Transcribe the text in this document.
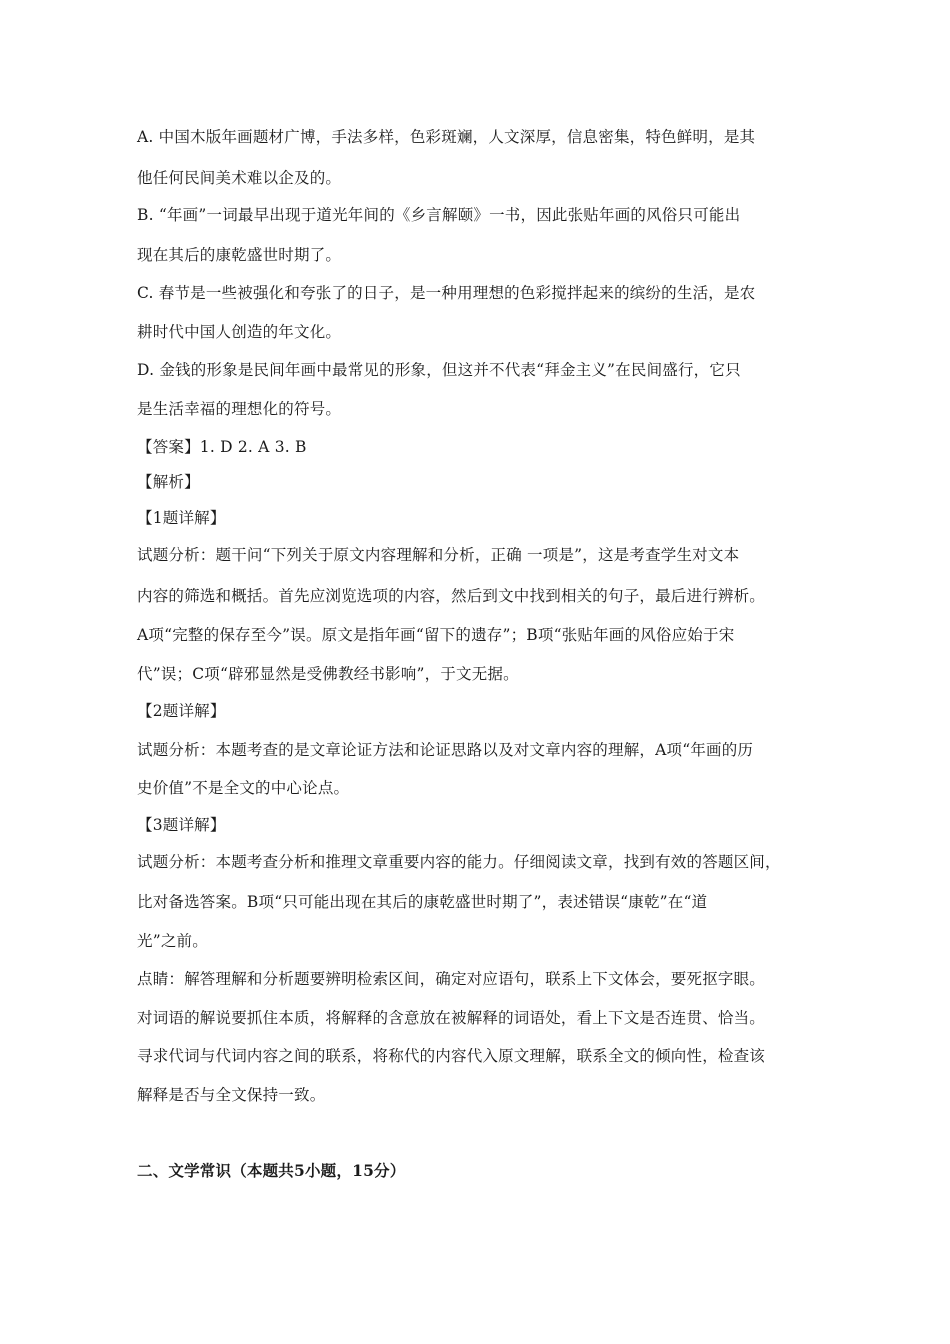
A. 中国木版年画题材广博，手法多样，色彩斑斓，人文深厚，信息密集，特色鲜明，是其
他任何民间美术难以企及的。
B. “年画”一词最早出现于道光年间的《乡言解颐》一书，因此张贴年画的风俗只可能出
现在其后的康乾盛世时期了。
C. 春节是一些被强化和夸张了的日子，是一种用理想的色彩搅拌起来的缤纷的生活，是农
耕时代中国人创造的年文化。
D. 金钱的形象是民间年画中最常见的形象，但这并不代表“拜金主义”在民间盛行，它只
是生活幸福的理想化的符号。
【答案】1. D 2. A 3. B
【解析】
【1题详解】
试题分析：题干问“下列关于原文内容理解和分析，正确 一项是”，这是考查学生对文本
内容的筛选和概括。首先应浏览选项的内容，然后到文中找到相关的句子，最后进行辨析。
A项“完整的保存至今”误。原文是指年画“留下的遗存”；B项“张贴年画的风俗应始于宋
代”误；C项“辟邪显然是受佛教经书影响”，于文无据。
【2题详解】
试题分析：本题考查的是文章论证方法和论证思路以及对文章内容的理解，A项“年画的历
史价值”不是全文的中心论点。
【3题详解】
试题分析：本题考查分析和推理文章重要内容的能力。仔细阅读文章，找到有效的答题区间，
比对备选答案。B项“只可能出现在其后的康乾盛世时期了”，表述错误“康乾”在“道
光”之前。
点睛：解答理解和分析题要辨明检索区间，确定对应语句，联系上下文体会，要死抠字眼。
对词语的解说要抓住本质，将解释的含意放在被解释的词语处，看上下文是否连贯、恰当。
寻求代词与代词内容之间的联系，将称代的内容代入原文理解，联系全文的倾向性，检查该
解释是否与全文保持一致。
二、文学常识（本题共5小题，15分）
